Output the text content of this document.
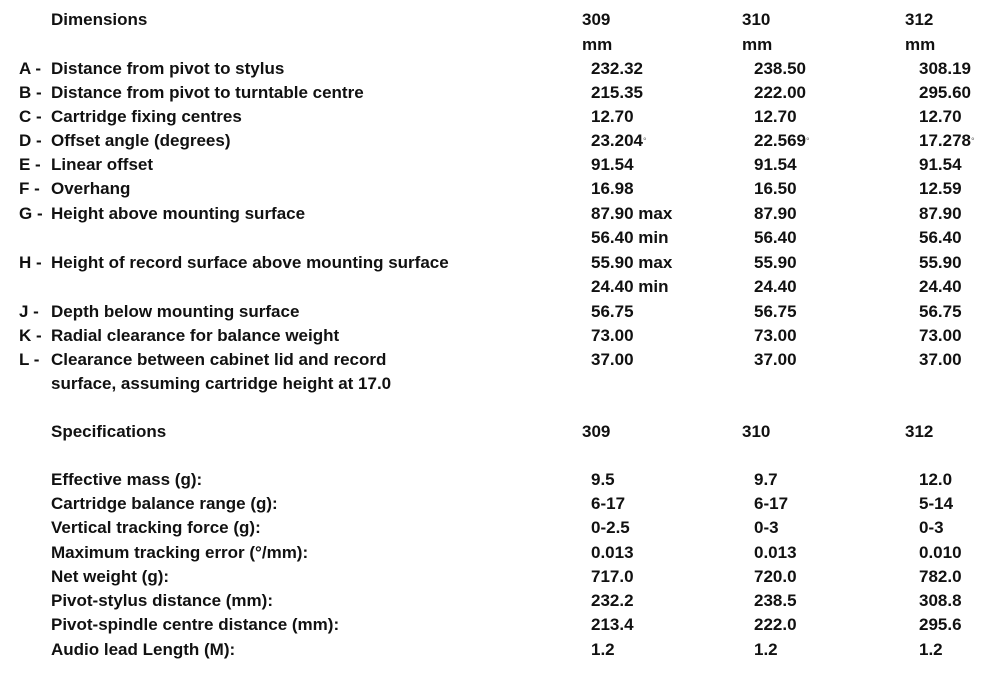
Dimensions	309	310	312
mm	mm	mm
A - Distance from pivot to stylus	232.32	238.50	308.19
B - Distance from pivot to turntable centre	215.35	222.00	295.60
C - Cartridge fixing centres	12.70	12.70	12.70
D - Offset angle (degrees)	23.204°	22.569°	17.278°
E - Linear offset	91.54	91.54	91.54
F - Overhang	16.98	16.50	12.59
G - Height above mounting surface	87.90 max	87.90	87.90
56.40 min	56.40	56.40
H - Height of record surface above mounting surface	55.90 max	55.90	55.90
24.40 min	24.40	24.40
J - Depth below mounting surface	56.75	56.75	56.75
K - Radial clearance for balance weight	73.00	73.00	73.00
L - Clearance between cabinet lid and record	37.00	37.00	37.00
surface, assuming cartridge height at 17.0
Specifications	309	310	312
Effective mass (g):	9.5	9.7	12.0
Cartridge balance range (g):	6-17	6-17	5-14
Vertical tracking force (g):	0-2.5	0-3	0-3
Maximum tracking error (°/mm):	0.013	0.013	0.010
Net weight (g):	717.0	720.0	782.0
Pivot-stylus distance (mm):	232.2	238.5	308.8
Pivot-spindle centre distance (mm):	213.4	222.0	295.6
Audio lead Length (M):	1.2	1.2	1.2
